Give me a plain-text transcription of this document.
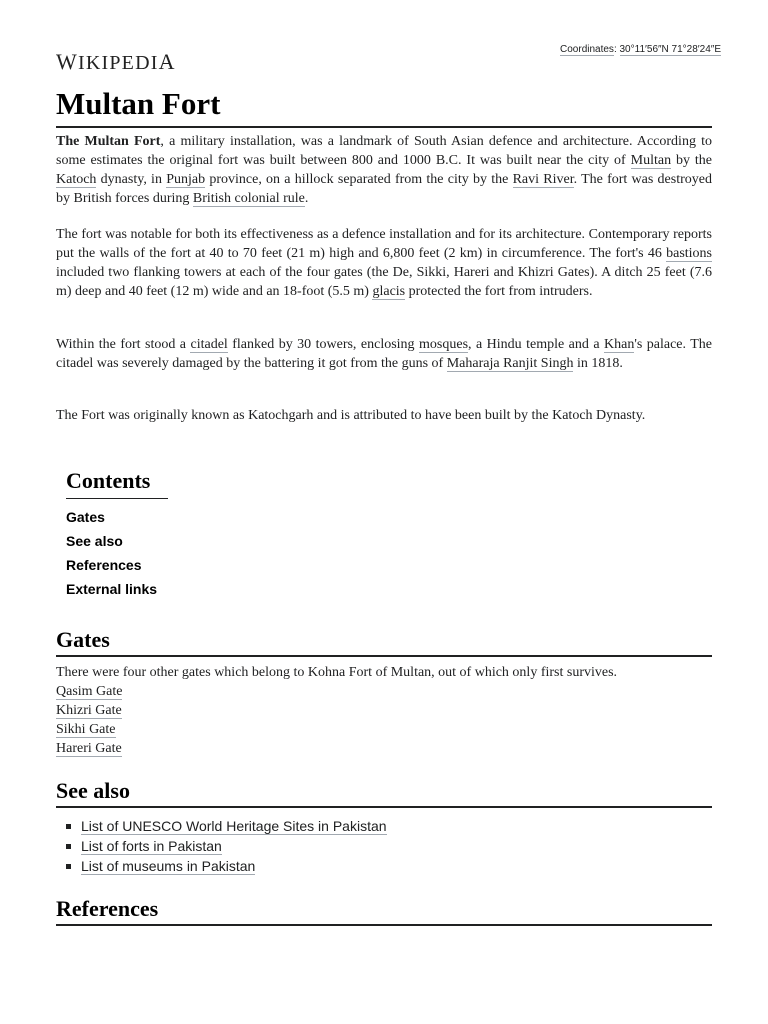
WIKIPEDIA	Coordinates: 30°11′56″N 71°28′24″E
Multan Fort

The Multan Fort, a military installation, was a landmark of South Asian defence and architecture. According to some estimates the original fort was built between 800 and 1000 B.C. It was built near the city of Multan by the Katoch dynasty, in Punjab province, on a hillock separated from the city by the Ravi River. The fort was destroyed by British forces during British colonial rule.

The fort was notable for both its effectiveness as a defence installation and for its architecture. Contemporary reports put the walls of the fort at 40 to 70 feet (21 m) high and 6,800 feet (2 km) in circumference. The fort's 46 bastions included two flanking towers at each of the four gates (the De, Sikki, Hareri and Khizri Gates). A ditch 25 feet (7.6 m) deep and 40 feet (12 m) wide and an 18-foot (5.5 m) glacis protected the fort from intruders.

Within the fort stood a citadel flanked by 30 towers, enclosing mosques, a Hindu temple and a Khan's palace. The citadel was severely damaged by the battering it got from the guns of Maharaja Ranjit Singh in 1818.

The Fort was originally known as Katochgarh and is attributed to have been built by the Katoch Dynasty.

Contents
Gates
See also
References
External links
Gates

There were four other gates which belong to Kohna Fort of Multan, out of which only first survives.

Qasim Gate
Khizri Gate
Sikhi Gate
Hareri Gate
See also
List of UNESCO World Heritage Sites in Pakistan
List of forts in Pakistan
List of museums in Pakistan
References
